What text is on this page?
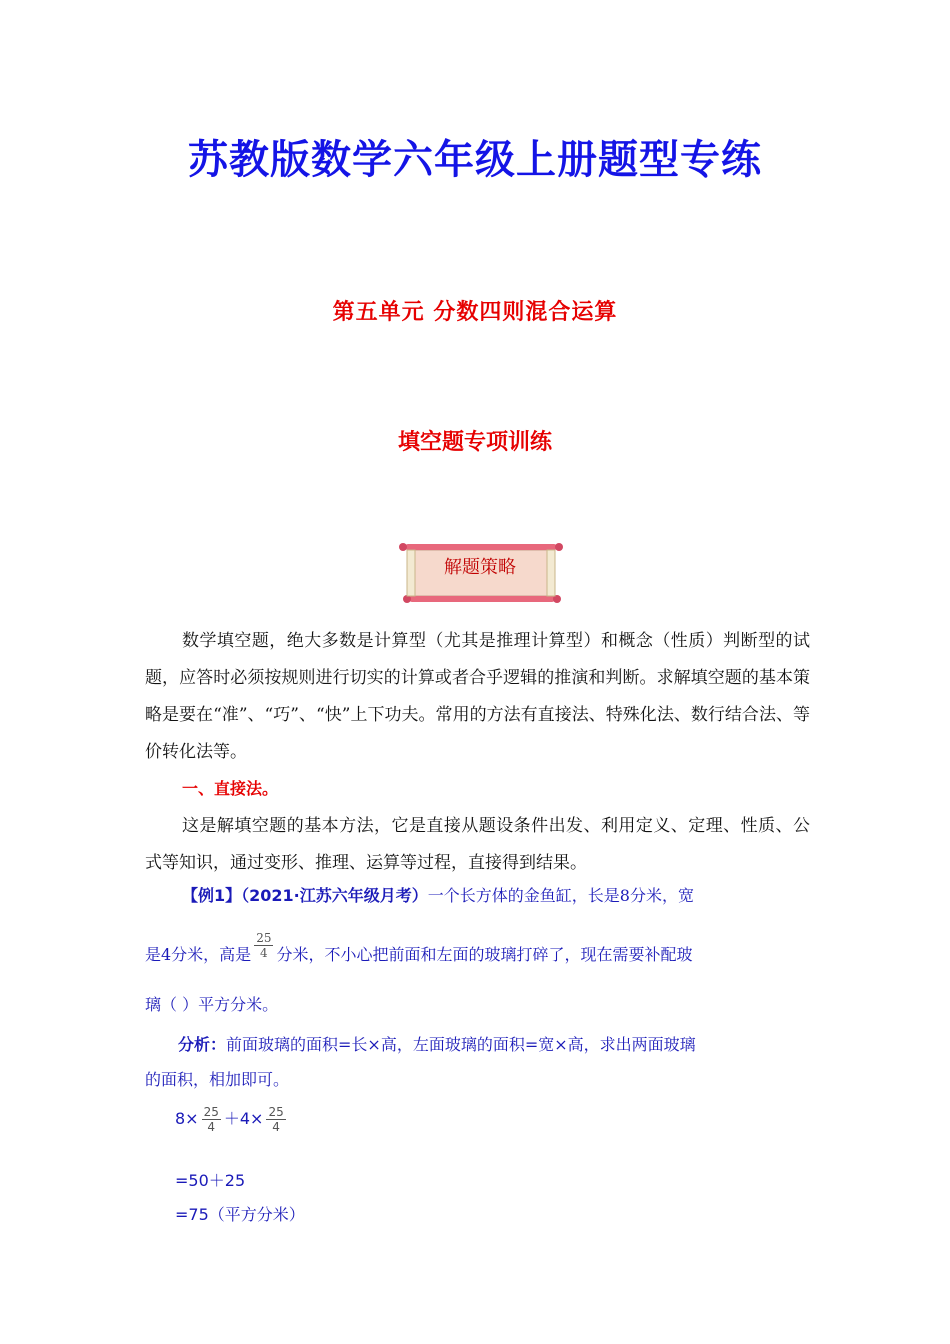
苏教版数学六年级上册题型专练
第五单元 分数四则混合运算
填空题专项训练
解题策略
数学填空题，绝大多数是计算型（尤其是推理计算型）和概念（性质）判断型的试题，应答时必须按规则进行切实的计算或者合乎逻辑的推演和判断。求解填空题的基本策略是要在“准”、“巧”、“快”上下功夫。常用的方法有直接法、特殊化法、数行结合法、等价转化法等。
一、直接法。
这是解填空题的基本方法，它是直接从题设条件出发、利用定义、定理、性质、公式等知识，通过变形、推理、运算等过程，直接得到结果。
【例1】（2021·江苏六年级月考）一个长方体的金鱼缸，长是8分米，宽
是4分米，高是 $\frac{25}{4}$ 分米，不小心把前面和左面的玻璃打碎了，现在需要补配玻
璃（ ）平方分米。
分析：前面玻璃的面积=长×高，左面玻璃的面积=宽×高，求出两面玻璃
的面积，相加即可。
$8\times \frac{25}{4} +4\times \frac{25}{4}$
=50＋25
=75（平方分米）
